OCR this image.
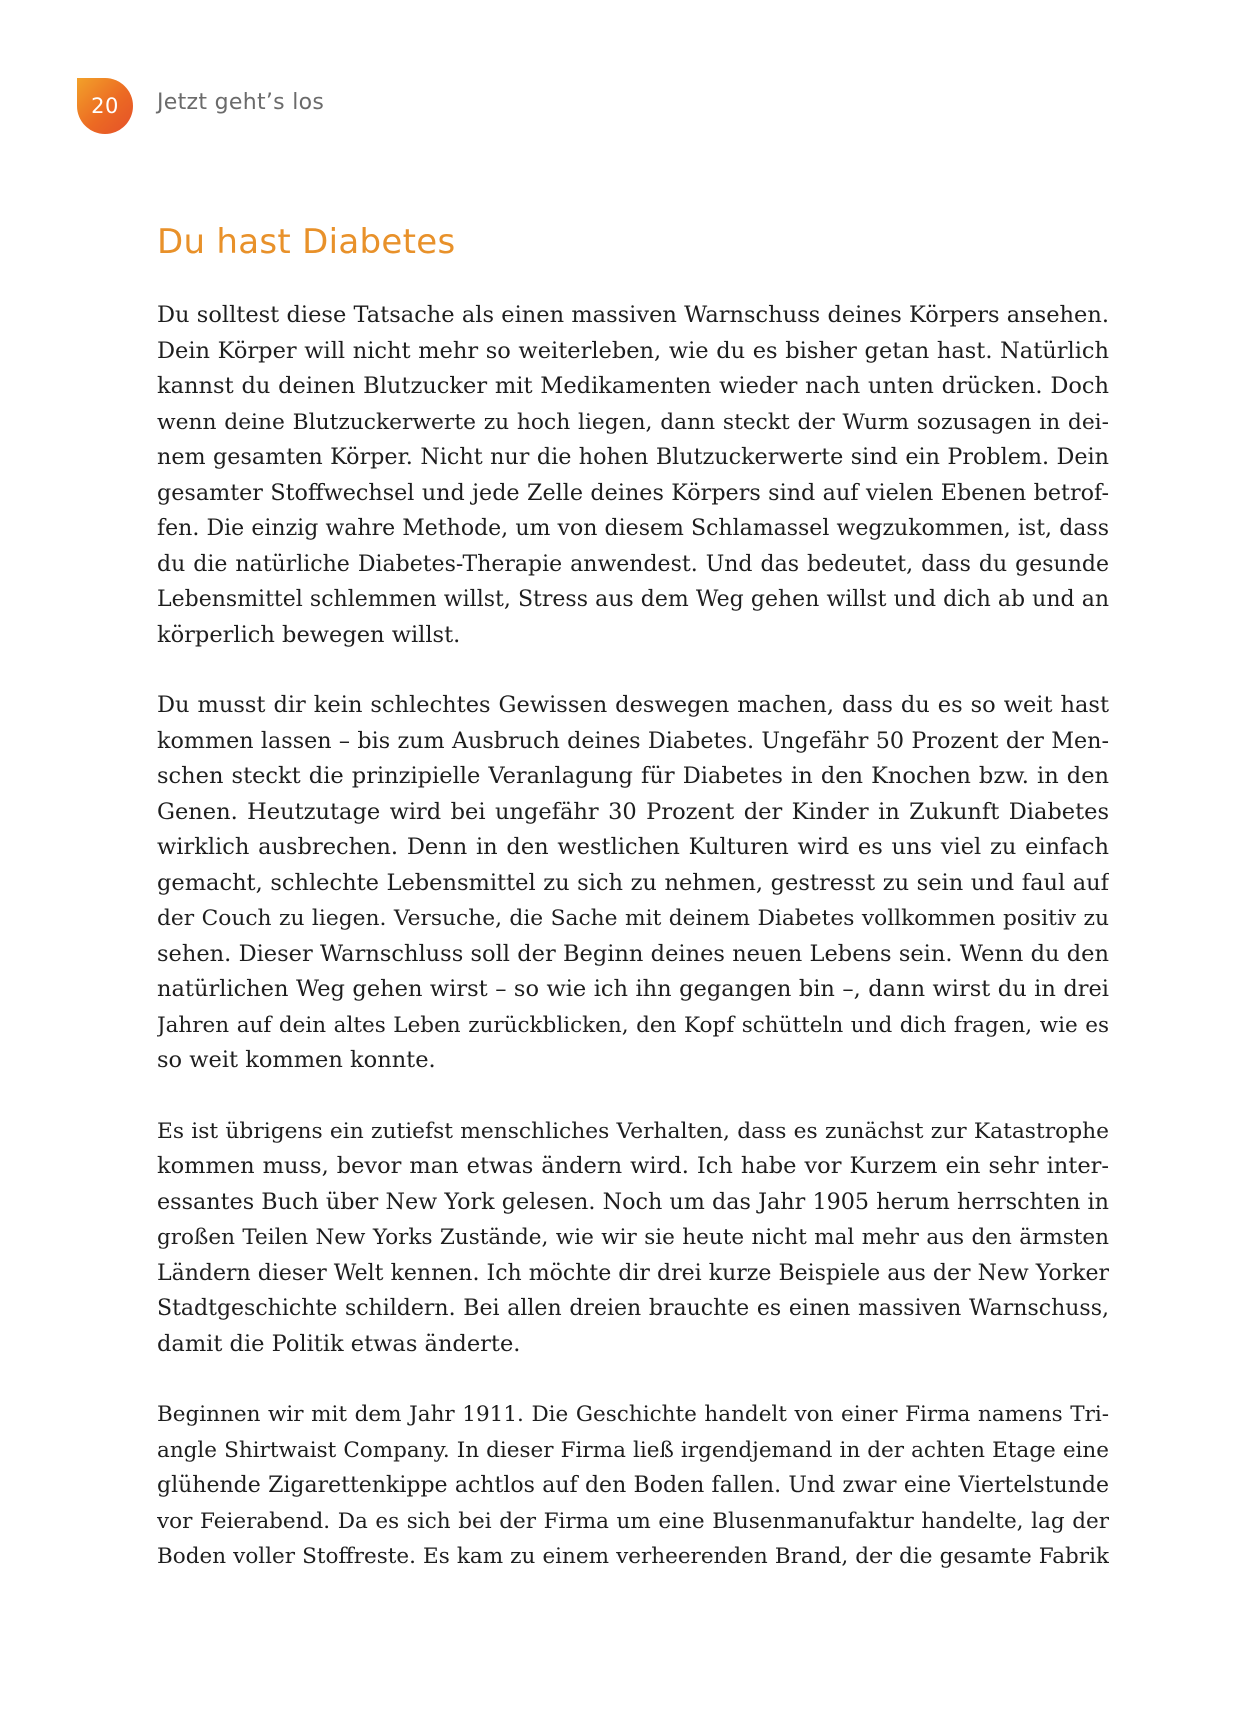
20 Jetzt geht’s los
Du hast Diabetes

Du solltest diese Tatsache als einen massiven Warnschuss deines Körpers ansehen.
Dein Körper will nicht mehr so weiterleben, wie du es bisher getan hast. Natürlich
kannst du deinen Blutzucker mit Medikamenten wieder nach unten drücken. Doch
wenn deine Blutzuckerwerte zu hoch liegen, dann steckt der Wurm sozusagen in dei-
nem gesamten Körper. Nicht nur die hohen Blutzuckerwerte sind ein Problem. Dein
gesamter Stoffwechsel und jede Zelle deines Körpers sind auf vielen Ebenen betrof-
fen. Die einzig wahre Methode, um von diesem Schlamassel wegzukommen, ist, dass
du die natürliche Diabetes-Therapie anwendest. Und das bedeutet, dass du gesunde
Lebensmittel schlemmen willst, Stress aus dem Weg gehen willst und dich ab und an
körperlich bewegen willst.

Du musst dir kein schlechtes Gewissen deswegen machen, dass du es so weit hast
kommen lassen – bis zum Ausbruch deines Diabetes. Ungefähr 50 Prozent der Men-
schen steckt die prinzipielle Veranlagung für Diabetes in den Knochen bzw. in den
Genen. Heutzutage wird bei ungefähr 30 Prozent der Kinder in Zukunft Diabetes
wirklich ausbrechen. Denn in den westlichen Kulturen wird es uns viel zu einfach
gemacht, schlechte Lebensmittel zu sich zu nehmen, gestresst zu sein und faul auf
der Couch zu liegen. Versuche, die Sache mit deinem Diabetes vollkommen positiv zu
sehen. Dieser Warnschluss soll der Beginn deines neuen Lebens sein. Wenn du den
natürlichen Weg gehen wirst – so wie ich ihn gegangen bin –, dann wirst du in drei
Jahren auf dein altes Leben zurückblicken, den Kopf schütteln und dich fragen, wie es
so weit kommen konnte.

Es ist übrigens ein zutiefst menschliches Verhalten, dass es zunächst zur Katastrophe
kommen muss, bevor man etwas ändern wird. Ich habe vor Kurzem ein sehr inter-
essantes Buch über New York gelesen. Noch um das Jahr 1905 herum herrschten in
großen Teilen New Yorks Zustände, wie wir sie heute nicht mal mehr aus den ärmsten
Ländern dieser Welt kennen. Ich möchte dir drei kurze Beispiele aus der New Yorker
Stadtgeschichte schildern. Bei allen dreien brauchte es einen massiven Warnschuss,
damit die Politik etwas änderte.

Beginnen wir mit dem Jahr 1911. Die Geschichte handelt von einer Firma namens Tri-
angle Shirtwaist Company. In dieser Firma ließ irgendjemand in der achten Etage eine
glühende Zigarettenkippe achtlos auf den Boden fallen. Und zwar eine Viertelstunde
vor Feierabend. Da es sich bei der Firma um eine Blusenmanufaktur handelte, lag der
Boden voller Stoffreste. Es kam zu einem verheerenden Brand, der die gesamte Fabrik
